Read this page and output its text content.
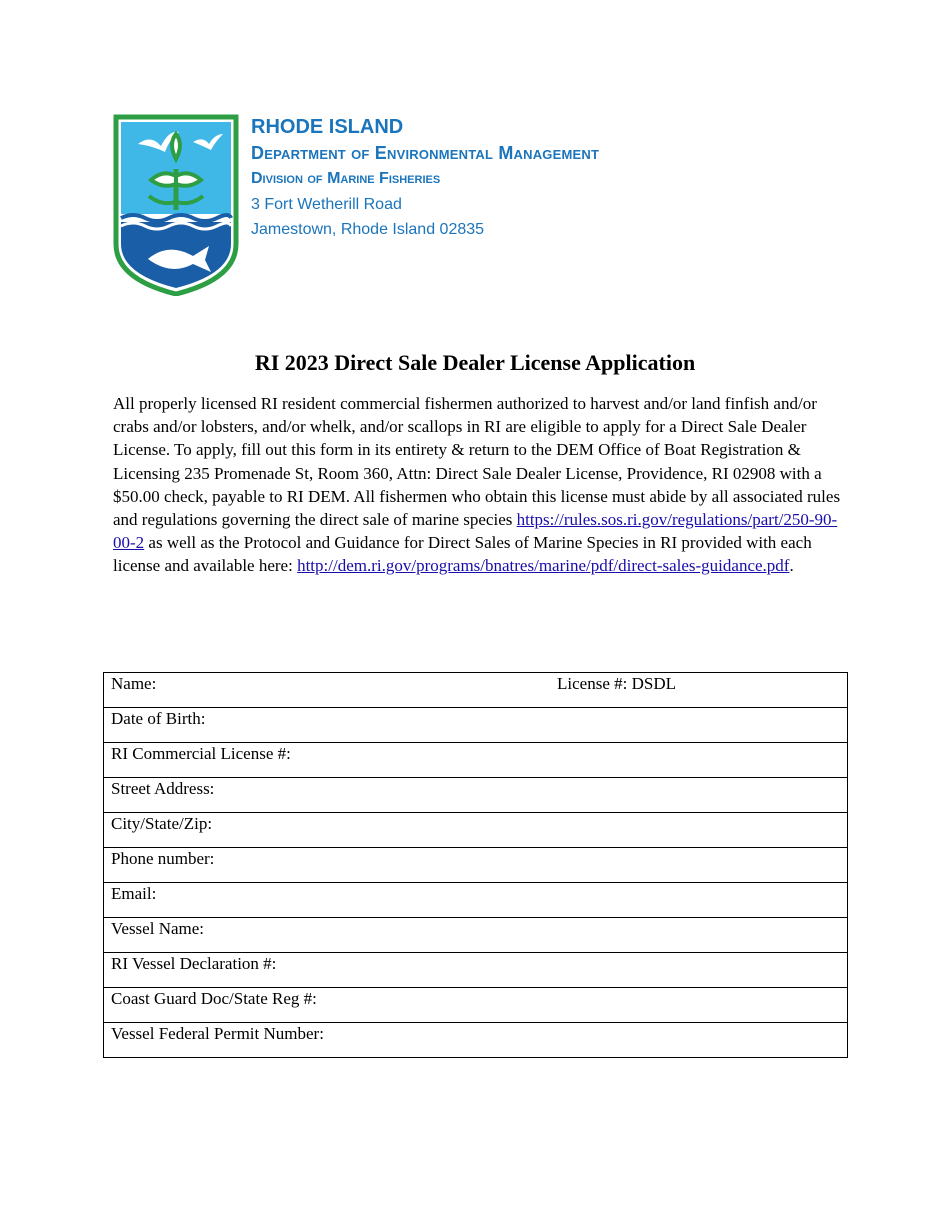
RHODE ISLAND
Department of Environmental Management
Division of Marine Fisheries
3 Fort Wetherill Road
Jamestown, Rhode Island 02835
RI 2023 Direct Sale Dealer License Application
All properly licensed RI resident commercial fishermen authorized to harvest and/or land finfish and/or crabs and/or lobsters, and/or whelk, and/or scallops in RI are eligible to apply for a Direct Sale Dealer License. To apply, fill out this form in its entirety & return to the DEM Office of Boat Registration & Licensing 235 Promenade St, Room 360, Attn: Direct Sale Dealer License, Providence, RI 02908 with a $50.00 check, payable to RI DEM. All fishermen who obtain this license must abide by all associated rules and regulations governing the direct sale of marine species https://rules.sos.ri.gov/regulations/part/250-90-00-2 as well as the Protocol and Guidance for Direct Sales of Marine Species in RI provided with each license and available here: http://dem.ri.gov/programs/bnatres/marine/pdf/direct-sales-guidance.pdf.
Name:	License #: DSDL

Date of Birth:
RI Commercial License #:
Street Address:
City/State/Zip:
Phone number:
Email:
Vessel Name:
RI Vessel Declaration #:
Coast Guard Doc/State Reg #:
Vessel Federal Permit Number:
